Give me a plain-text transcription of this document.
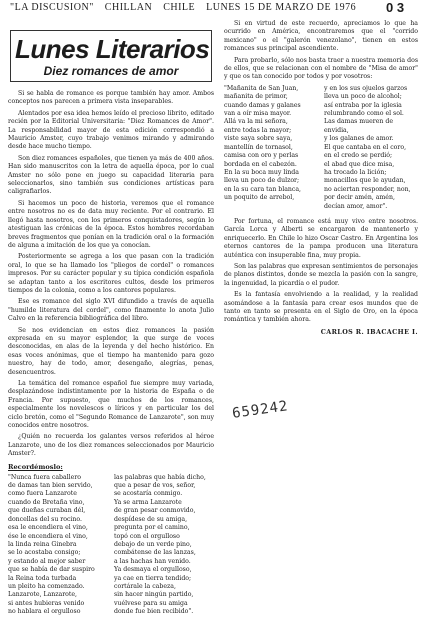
"LA DISCUSION" CHILLAN CHILE LUNES 15 DE MARZO DE 1976 0 3
Lunes Literarios
Diez romances de amor

Si se habla de romance es porque también hay amor. Ambos conceptos nos parecen a primera vista inseparables.

Alentados por esa idea hemos leído el precioso librito, editado recién por la Editorial Universitaria: "Diez Romances de Amor". La responsabilidad mayor de esta edición correspondió a Mauricio Amster, cuyo trabajo venimos mirando y admirando desde hace mucho tiempo.

Son diez romances españoles, que tienen ya más de 400 años. Han sido manuscritos con la letra de aquella época, por lo cual Amster no sólo pone en juego su capacidad literaria para seleccionarlos, sino también sus condiciones artísticas para caligrafiarlos.

Si hacemos un poco de historia, veremos que el romance entre nosotros no es de data muy reciente. Por el contrario. El llegó hasta nosotros, con los primeros conquistadores, según lo atestiguan las crónicas de la época. Estos hombres recordaban breves fragmentos que ponían en la tradición oral o la formación de alguna a imitación de los que ya conocían.

Posteriormente se agrega a los que pasan con la tradición oral, lo que se ha llamado los "pliegos de cordel" o romances impresos. Por su carácter popular y su típica condición española se adaptan tanto a los escritores cultos, desde los primeros tiempos de la colonia, como a los cantores populares.

Ese es romance del siglo XVI difundido a través de aquella "humilde literatura del cordel", como finamente lo anota Julio Calvo en la referencia bibliográfica del libro.

Se nos evidencian en estos diez romances la pasión expresada en su mayor esplendor, la que surge de voces desconocidas, en alas de la leyenda y del hecho histórico. En esas voces anónimas, que el tiempo ha mantenido para gozo nuestro, hay de todo, amor, desengaño, alegrías, penas, desencuentros.

La temática del romance español fue siempre muy variada, desplazándose indistintamente por la historia de España o de Francia. Por supuesto, que muchos de los romances, especialmente los novelescos o líricos y en particular los del ciclo bretón, como el "Segundo Romance de Lanzarote", son muy conocidos entre nosotros.

¿Quién no recuerda los galantes versos referidos al héroe Lanzarote, uno de los diez romances seleccionados por Mauricio Amster?.

Recordémoslo:
"Nunca fuera caballero
de damas tan bien servido,
como fuera Lanzarote
cuando de Bretaña vino,
que dueñas curaban dél,
doncellas del su rocino.
esa le encendiera el vino,
ése le encendiera el vino,
la linda reina Ginebra
se lo acostaba consigo;
y estando al mejor saber
que se había de dar suspiro
la Reina toda turbada
un pleito ha comenzado.
Lanzarote, Lanzarote,
si antes hubieras venido
no hablara el orgulloso
las palabras que había dicho,
que a pesar de vos, señor,
se acostaría conmigo.
Ya se arma Lanzarote
de gran pesar conmovido,
despídese de su amiga,
pregunta por el camino,
topó con el orgulloso
debajo de un verde pino,
combátense de las lanzas,
a las hachas han venido.
Ya desmaya el orgulloso,
ya cae en tierra tendido;
cortárale la cabeza,
sin hacer ningún partido,
vuélvese para su amiga
donde fue bien recibido".

Si en virtud de este recuerdo, apreciamos lo que ha ocurrido en América, encontraremos que el "corrido mexicano" o el "galerón venezolano", tienen en estos romances sus principal ascendiente.

Para probarlo, sólo nos basta traer a nuestra memoria dos de ellos, que se relacionan con el nombre de "Misa de amor" y que os tan conocido por todos y por vosotros:

"Mañanita de San Juan,
mañanita de primor,
cuando damas y galanes
van a oír misa mayor.
Allá va la mi señora,
entre todas la mayor;
viste saya sobre saya,
mantellín de tornasol,
camisa con oro y perlas
bordada en el cabezón.
En la su boca muy linda
lleva un poco de dulzor;
en la su cara tan blanca,
un poquito de arrebol,
y en los sus ojuelos garzos
lleva un poco de alcohol;
así entraba por la iglesia
relumbrando como el sol.
Las damas mueren de envidia,
y los galanes de amor.
El que cantaba en el coro,
en el credo se perdió;
el abad que dice misa,
ha trocado la lición;
monacillos que le ayudan,
no aciertan responder, non,
por decir amén, amén,
decían amor, amor".

Por fortuna, el romance está muy vivo entre nosotros. García Lorca y Alberti se encargaron de mantenerlo y enriquecerlo. En Chile lo hizo Oscar Castro. En Argentina los eternos cantores de la pampa producen una literatura auténtica con insuperable fina, muy propia.

Son las palabras que expresan sentimientos de personajes de planos distintos, donde se mezcla la pasión con la sangre, la ingenuidad, la picardía o el pudor.

Es la fantasía envolviendo a la realidad, y la realidad asomándose a la fantasía para crear esos mundos que de tanto en tanto se presenta en el Siglo de Oro, en la época romántica y también ahora.

CARLOS R. IBACACHE I.
659242
